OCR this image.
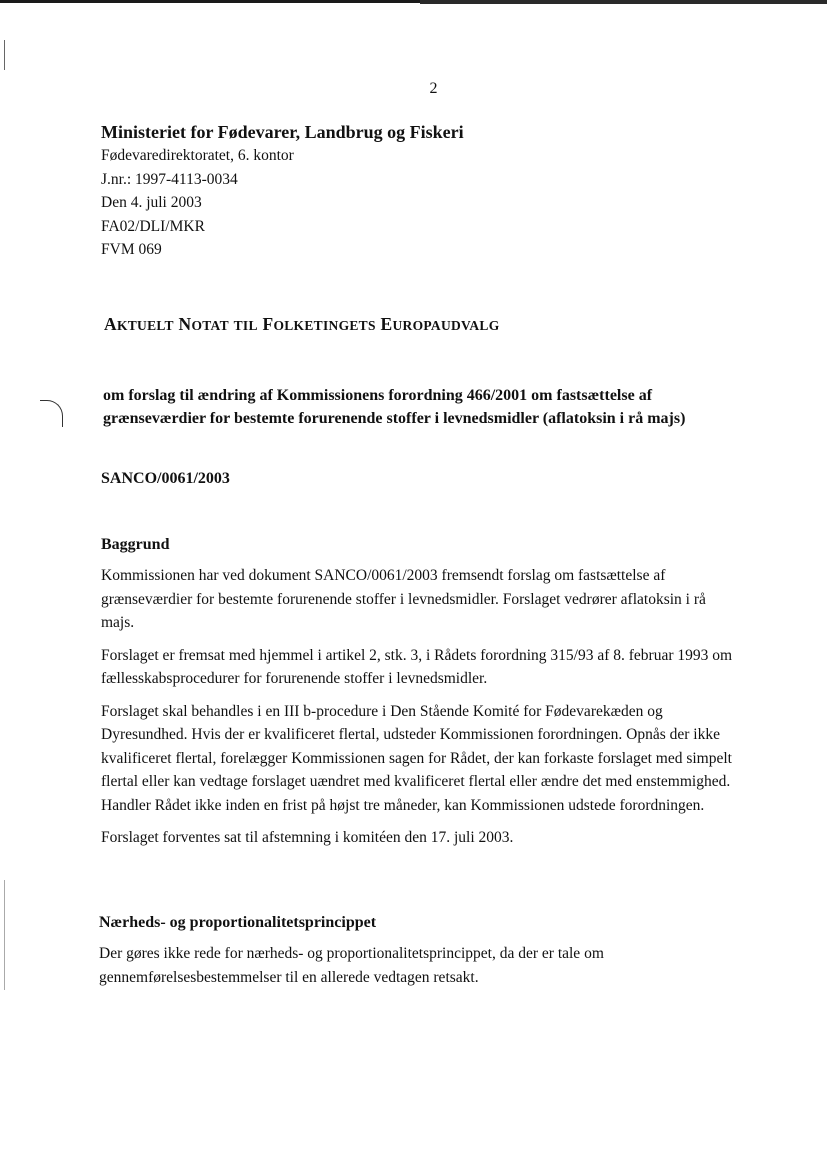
2

Ministeriet for Fødevarer, Landbrug og Fiskeri

Fødevaredirektoratet, 6. kontor

J.nr.: 1997-4113-0034

Den 4. juli 2003

FA02/DLI/MKR

FVM 069

AKTUELT NOTAT TIL FOLKETINGETS EUROPAUDVALG

om forslag til ændring af Kommissionens forordning 466/2001 om fastsættelse af grænseværdier for bestemte forurenende stoffer i levnedsmidler (aflatoksin i rå majs)

SANCO/0061/2003

Baggrund

Kommissionen har ved dokument SANCO/0061/2003 fremsendt forslag om fastsættelse af grænseværdier for bestemte forurenende stoffer i levnedsmidler. Forslaget vedrører aflatoksin i rå majs.

Forslaget er fremsat med hjemmel i artikel 2, stk. 3, i Rådets forordning 315/93 af 8. februar 1993 om fællesskabsprocedurer for forurenende stoffer i levnedsmidler.

Forslaget skal behandles i en III b-procedure i Den Stående Komité for Fødevarekæden og Dyresundhed. Hvis der er kvalificeret flertal, udsteder Kommissionen forordningen. Opnås der ikke kvalificeret flertal, forelægger Kommissionen sagen for Rådet, der kan forkaste forslaget med simpelt flertal eller kan vedtage forslaget uændret med kvalificeret flertal eller ændre det med enstemmighed. Handler Rådet ikke inden en frist på højst tre måneder, kan Kommissionen udstede forordningen.

Forslaget forventes sat til afstemning i komitéen den 17. juli 2003.

Nærheds- og proportionalitetsprincippet

Der gøres ikke rede for nærheds- og proportionalitetsprincippet, da der er tale om gennemførelsesbestemmelser til en allerede vedtagen retsakt.
